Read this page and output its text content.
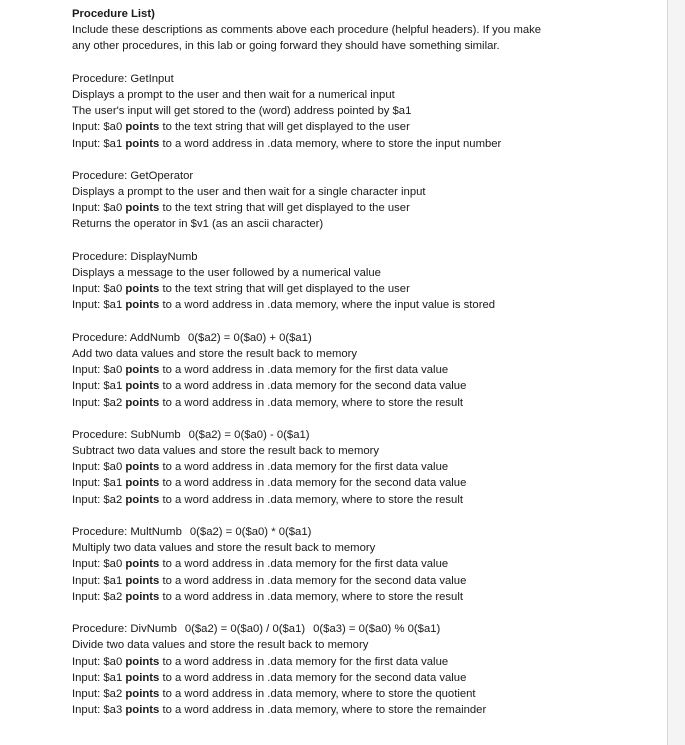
Procedure List)
Include these descriptions as comments above each procedure (helpful headers). If you make
any other procedures, in this lab or going forward they should have something similar.
Procedure: GetInput
Displays a prompt to the user and then wait for a numerical input
The user's input will get stored to the (word) address pointed by $a1
Input: $a0 points to the text string that will get displayed to the user
Input: $a1 points to a word address in .data memory, where to store the input number
Procedure: GetOperator
Displays a prompt to the user and then wait for a single character input
Input: $a0 points to the text string that will get displayed to the user
Returns the operator in $v1 (as an ascii character)
Procedure: DisplayNumb
Displays a message to the user followed by a numerical value
Input: $a0 points to the text string that will get displayed to the user
Input: $a1 points to a word address in .data memory, where the input value is stored
Procedure: AddNumb 0($a2) = 0($a0) + 0($a1)
Add two data values and store the result back to memory
Input: $a0 points to a word address in .data memory for the first data value
Input: $a1 points to a word address in .data memory for the second data value
Input: $a2 points to a word address in .data memory, where to store the result
Procedure: SubNumb 0($a2) = 0($a0) - 0($a1)
Subtract two data values and store the result back to memory
Input: $a0 points to a word address in .data memory for the first data value
Input: $a1 points to a word address in .data memory for the second data value
Input: $a2 points to a word address in .data memory, where to store the result
Procedure: MultNumb 0($a2) = 0($a0) * 0($a1)
Multiply two data values and store the result back to memory
Input: $a0 points to a word address in .data memory for the first data value
Input: $a1 points to a word address in .data memory for the second data value
Input: $a2 points to a word address in .data memory, where to store the result
Procedure: DivNumb 0($a2) = 0($a0) / 0($a1) 0($a3) = 0($a0) % 0($a1)
Divide two data values and store the result back to memory
Input: $a0 points to a word address in .data memory for the first data value
Input: $a1 points to a word address in .data memory for the second data value
Input: $a2 points to a word address in .data memory, where to store the quotient
Input: $a3 points to a word address in .data memory, where to store the remainder
